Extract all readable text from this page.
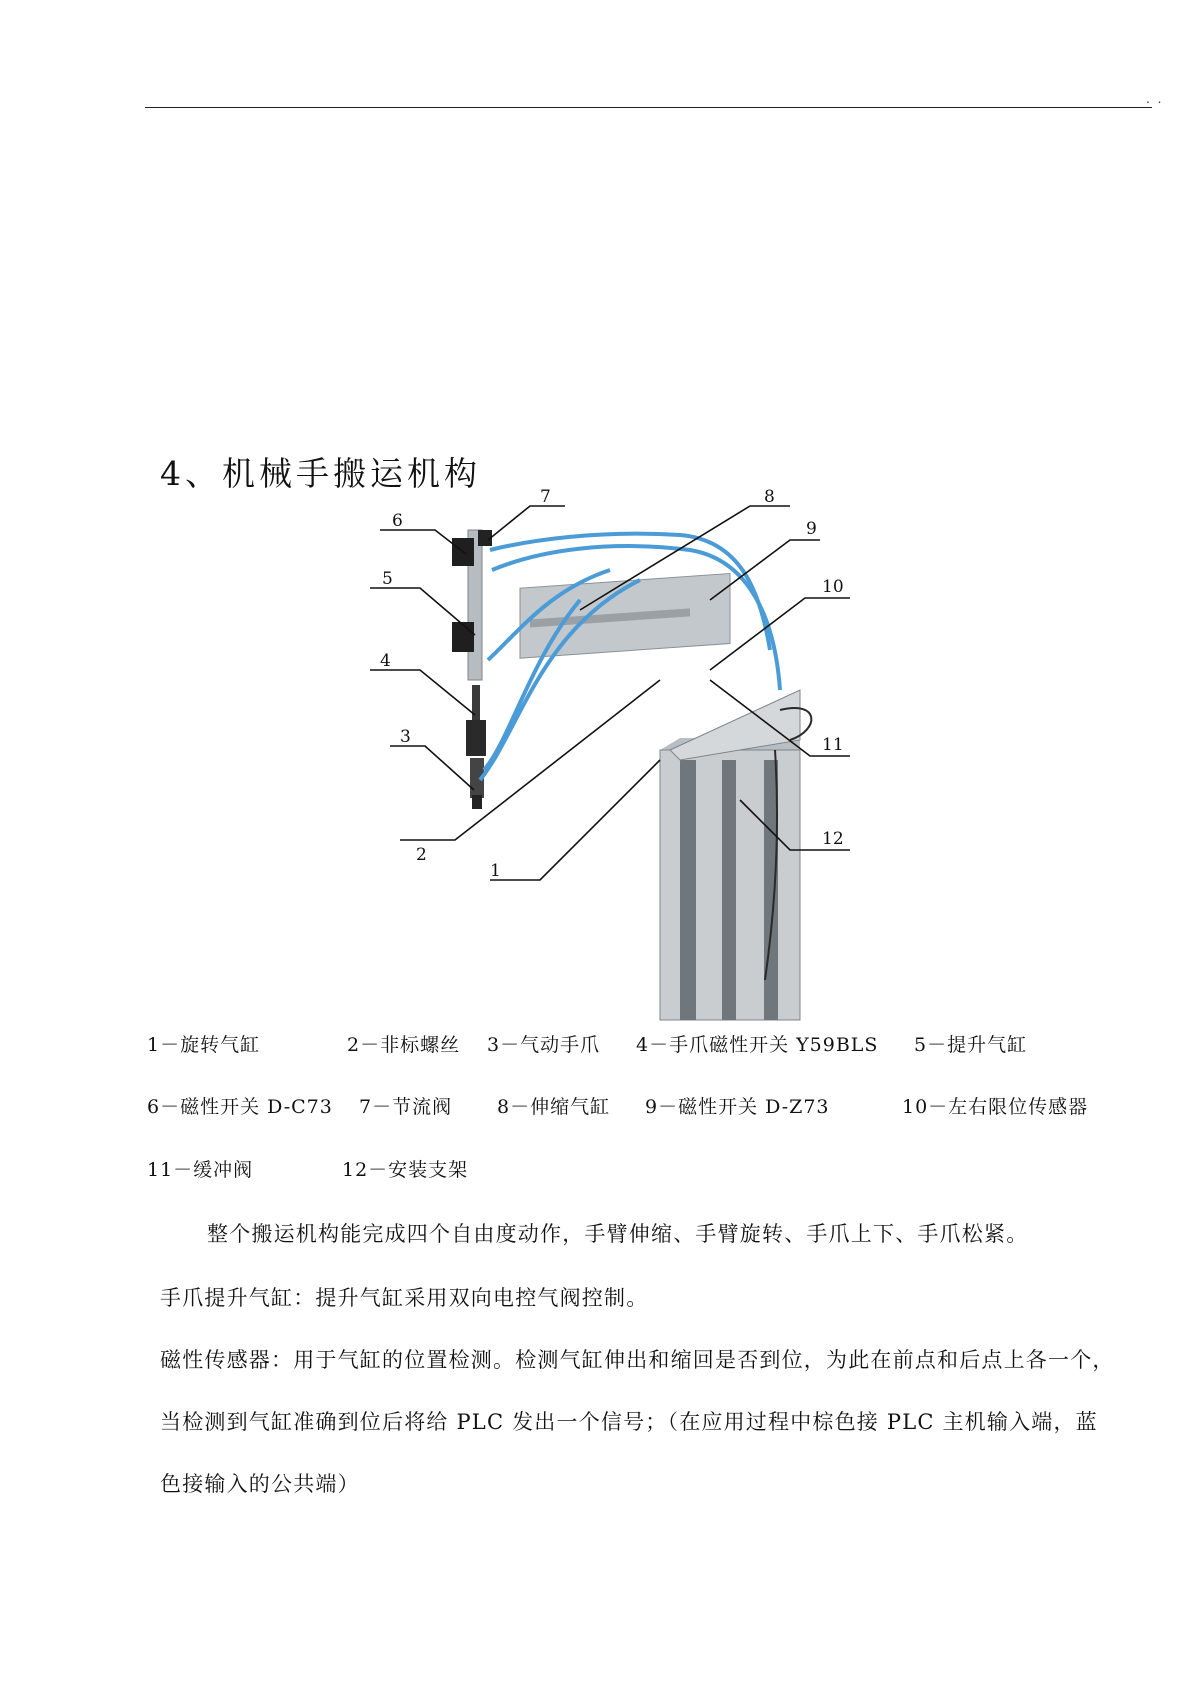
. .
4、机械手搬运机构
1
2
3
4
5
6
7	8
9
10
11
12
1－旋转气缸	2－非标螺丝 3－气动手爪 4－手爪磁性开关 Y59BLS 5－提升气缸
6－磁性开关 D-C73 7－节流阀 8－伸缩气缸 9－磁性开关 D-Z73	10－左右限位传感器
11－缓冲阀	12－安装支架
整个搬运机构能完成四个自由度动作，手臂伸缩、手臂旋转、手爪上下、手爪松紧。
手爪提升气缸：提升气缸采用双向电控气阀控制。
磁性传感器：用于气缸的位置检测。检测气缸伸出和缩回是否到位，为此在前点和后点上各一个，
当检测到气缸准确到位后将给 PLC 发出一个信号；（在应用过程中棕色接 PLC 主机输入端，蓝
色接输入的公共端）
